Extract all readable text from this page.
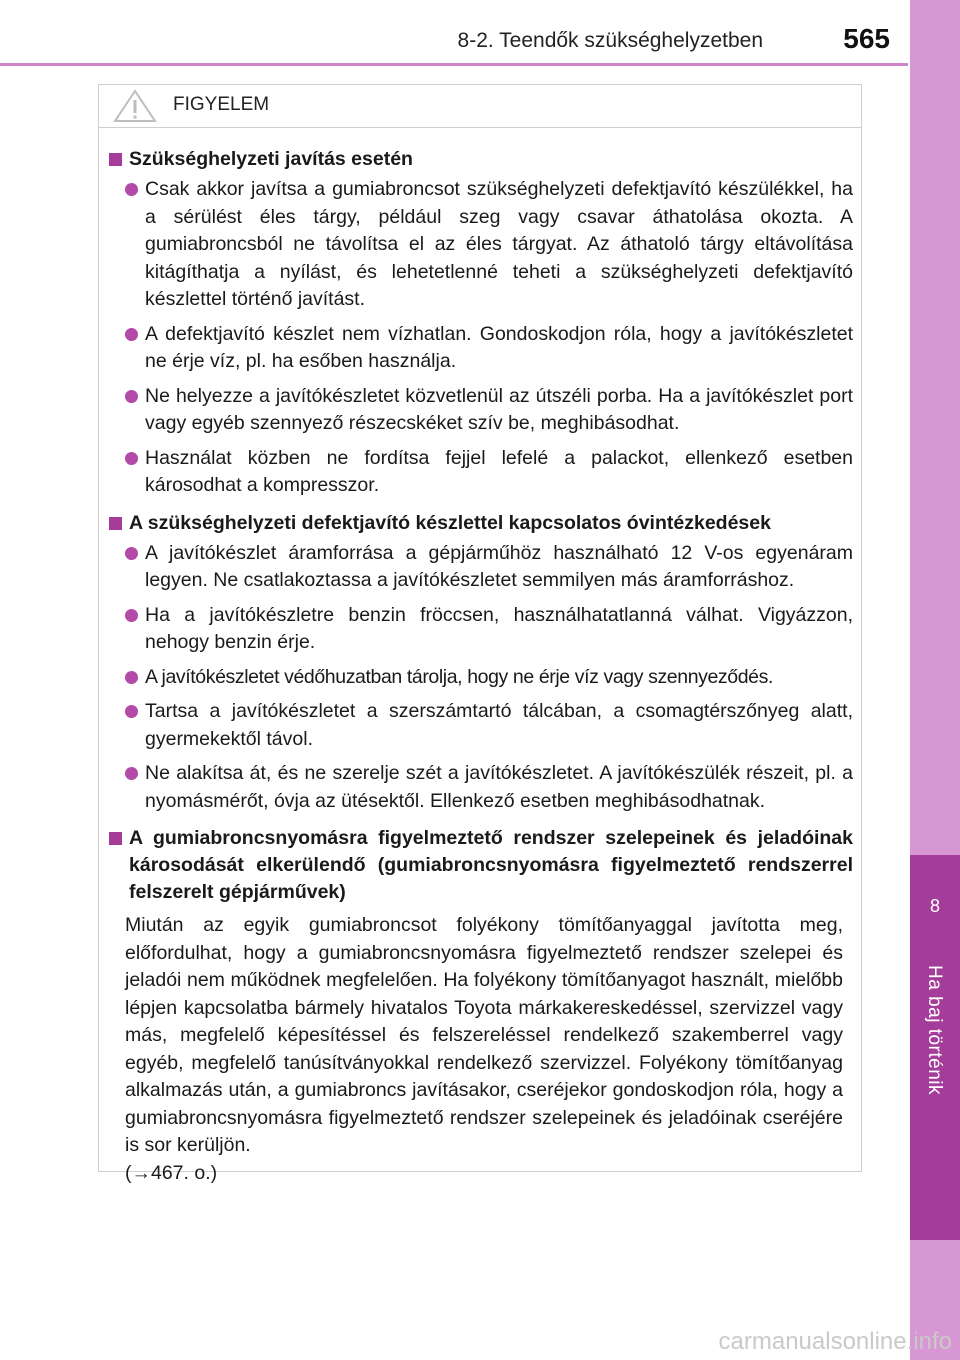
8-2. Teendők szükséghelyzetben	565
8
Ha baj történik
FIGYELEM
Szükséghelyzeti javítás esetén
Csak akkor javítsa a gumiabroncsot szükséghelyzeti defektjavító készülékkel, ha a sérülést éles tárgy, például szeg vagy csavar áthatolása okozta. A gumiabroncsból ne távolítsa el az éles tárgyat. Az áthatoló tárgy eltávolítása kitágíthatja a nyílást, és lehetetlenné teheti a szükséghelyzeti defektjavító készlettel történő javítást.
A defektjavító készlet nem vízhatlan. Gondoskodjon róla, hogy a javítókészletet ne érje víz, pl. ha esőben használja.
Ne helyezze a javítókészletet közvetlenül az útszéli porba. Ha a javítókészlet port vagy egyéb szennyező részecskéket szív be, meghibásodhat.
Használat közben ne fordítsa fejjel lefelé a palackot, ellenkező esetben károsodhat a kompresszor.
A szükséghelyzeti defektjavító készlettel kapcsolatos óvintézkedések
A javítókészlet áramforrása a gépjárműhöz használható 12 V-os egyenáram legyen. Ne csatlakoztassa a javítókészletet semmilyen más áramforráshoz.
Ha a javítókészletre benzin fröccsen, használhatatlanná válhat. Vigyázzon, nehogy benzin érje.
A javítókészletet védőhuzatban tárolja, hogy ne érje víz vagy szennyeződés.
Tartsa a javítókészletet a szerszámtartó tálcában, a csomagtérszőnyeg alatt, gyermekektől távol.
Ne alakítsa át, és ne szerelje szét a javítókészletet. A javítókészülék részeit, pl. a nyomásmérőt, óvja az ütésektől. Ellenkező esetben meghibásodhatnak.
A gumiabroncsnyomásra figyelmeztető rendszer szelepeinek és jeladóinak károsodását elkerülendő (gumiabroncsnyomásra figyelmeztető rendszerrel felszerelt gépjárművek)
Miután az egyik gumiabroncsot folyékony tömítőanyaggal javította meg, előfordulhat, hogy a gumiabroncsnyomásra figyelmeztető rendszer szelepei és jeladói nem működnek megfelelően. Ha folyékony tömítőanyagot használt, mielőbb lépjen kapcsolatba bármely hivatalos Toyota márkakereskedéssel, szervizzel vagy más, megfelelő képesítéssel és felszereléssel rendelkező szakemberrel vagy egyéb, megfelelő tanúsítványokkal rendelkező szervizzel. Folyékony tömítőanyag alkalmazás után, a gumiabroncs javításakor, cseréjekor gondoskodjon róla, hogy a gumiabroncsnyomásra figyelmeztető rendszer szelepeinek és jeladóinak cseréjére is sor kerüljön.
(→467. o.)
carmanualsonline.info
